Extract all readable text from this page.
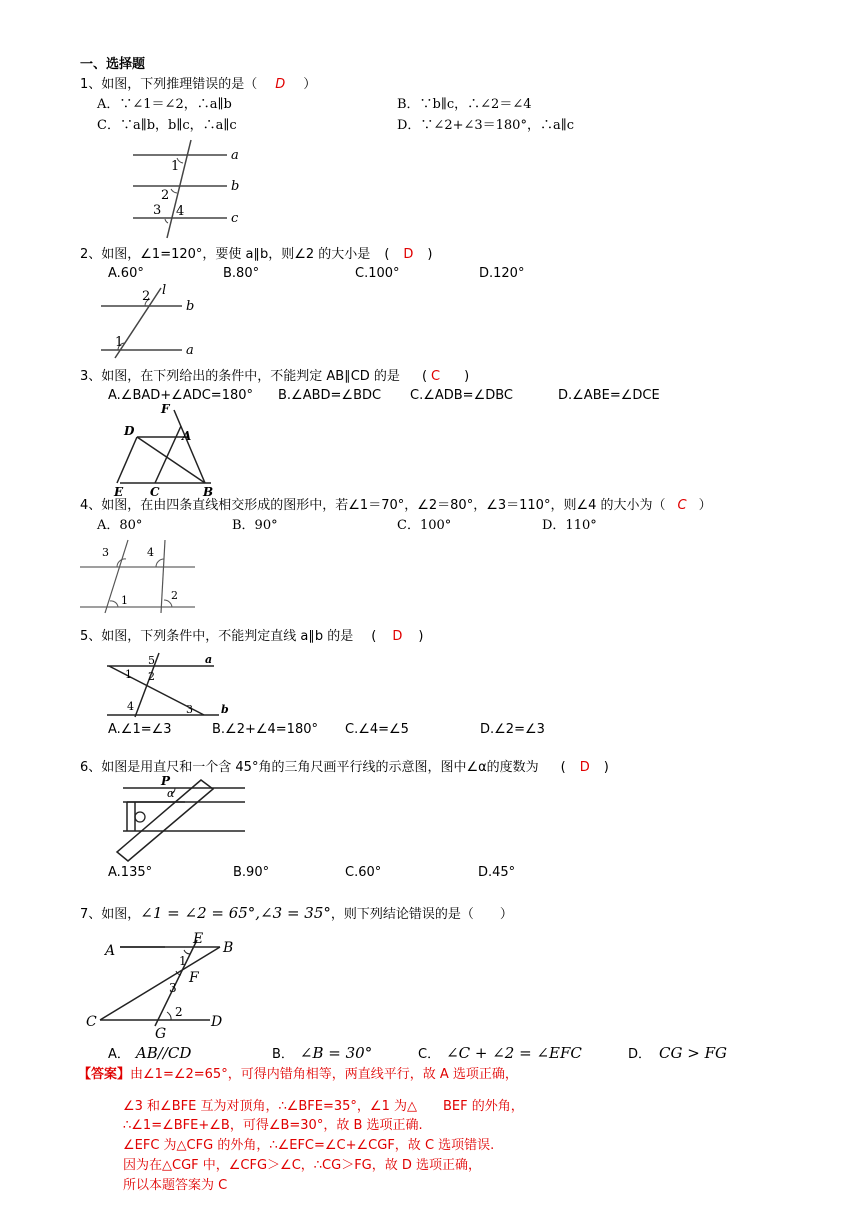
一、选择题
1、如图，下列推理错误的是（ D ）
A．∵∠1＝∠2，∴a∥b	B．∵b∥c，∴∠2＝∠4
C．∵a∥b，b∥c，∴a∥c	D．∵∠2+∠3＝180°，∴a∥c
1
2
3 4
a
b
c
2、如图，∠1=120°，要使 a∥b，则∠2 的大小是 ( D )
A.60°	B.80°	C.100°	D.120°
2 l
b
1
a
3、如图，在下列给出的条件中，不能判定 AB∥CD 的是 ( C )
A.∠BAD+∠ADC=180° B.∠ABD=∠BDC C.∠ADB=∠DBC	D.∠ABE=∠DCE
F
D	A
E C	B
4、如图，在由四条直线相交形成的图形中，若∠1＝70°，∠2＝80°，∠3＝110°，则∠4 的大小为（ C ）
A．80°	B．90°	C．100°	D．110°
3	4
1	2
5、如图，下列条件中，不能判定直线 a∥b 的是 ( D )
5	a
1 2
4	3	b
A.∠1=∠3	B.∠2+∠4=180° C.∠4=∠5	D.∠2=∠3
6、如图是用直尺和一个含 45°角的三角尺画平行线的示意图，图中∠α的度数为 ( D )
P
α
A.135°	B.90°	C.60°	D.45°
7、如图，∠1 = ∠2 = 65°,∠3 = 35°，则下列结论错误的是（　　）
A
E
B
1
F
3
C
2
G
D
A． AB//CD	B． ∠B = 30°	C． ∠C + ∠2 = ∠EFC	D． CG > FG
【答案】由∠1=∠2=65°，可得内错角相等，两直线平行，故 A 选项正确，
∠3 和∠BFE 互为对顶角，∴∠BFE=35°，∠1 为△　　BEF 的外角，
∴∠1=∠BFE+∠B，可得∠B=30°，故 B 选项正确.
∠EFC 为△CFG 的外角，∴∠EFC=∠C+∠CGF，故 C 选项错误.
因为在△CGF 中，∠CFG＞∠C，∴CG＞FG，故 D 选项正确，
所以本题答案为 C
